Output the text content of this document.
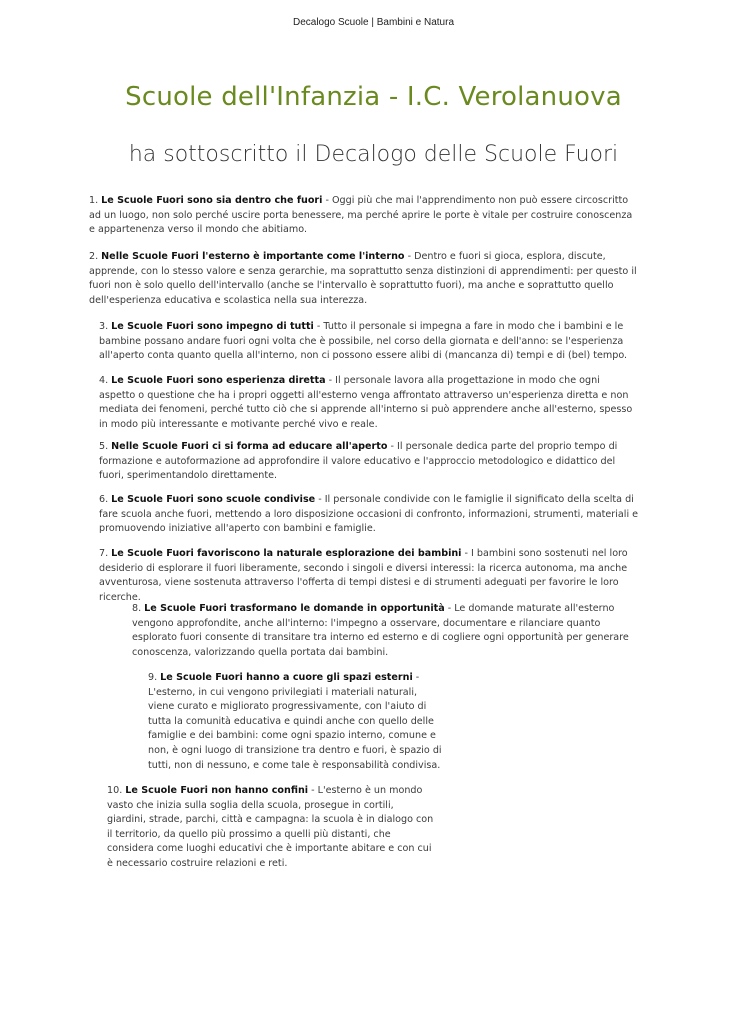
Decalogo Scuole | Bambini e Natura
Scuole dell'Infanzia - I.C. Verolanuova
ha sottoscritto il Decalogo delle Scuole Fuori

1. Le Scuole Fuori sono sia dentro che fuori - Oggi più che mai l'apprendimento non può essere circoscritto ad un luogo, non solo perché uscire porta benessere, ma perché aprire le porte è vitale per costruire conoscenza e appartenenza verso il mondo che abitiamo.

2. Nelle Scuole Fuori l'esterno è importante come l'interno - Dentro e fuori si gioca, esplora, discute, apprende, con lo stesso valore e senza gerarchie, ma soprattutto senza distinzioni di apprendimenti: per questo il fuori non è solo quello dell'intervallo (anche se l'intervallo è soprattutto fuori), ma anche e soprattutto quello dell'esperienza educativa e scolastica nella sua interezza.

3. Le Scuole Fuori sono impegno di tutti - Tutto il personale si impegna a fare in modo che i bambini e le bambine possano andare fuori ogni volta che è possibile, nel corso della giornata e dell'anno: se l'esperienza all'aperto conta quanto quella all'interno, non ci possono essere alibi di (mancanza di) tempi e di (bel) tempo.

4. Le Scuole Fuori sono esperienza diretta - Il personale lavora alla progettazione in modo che ogni aspetto o questione che ha i propri oggetti all'esterno venga affrontato attraverso un'esperienza diretta e non mediata dei fenomeni, perché tutto ciò che si apprende all'interno si può apprendere anche all'esterno, spesso in modo più interessante e motivante perché vivo e reale.

5. Nelle Scuole Fuori ci si forma ad educare all'aperto - Il personale dedica parte del proprio tempo di formazione e autoformazione ad approfondire il valore educativo e l'approccio metodologico e didattico del fuori, sperimentandolo direttamente.

6. Le Scuole Fuori sono scuole condivise - Il personale condivide con le famiglie il significato della scelta di fare scuola anche fuori, mettendo a loro disposizione occasioni di confronto, informazioni, strumenti, materiali e promuovendo iniziative all'aperto con bambini e famiglie.

7. Le Scuole Fuori favoriscono la naturale esplorazione dei bambini - I bambini sono sostenuti nel loro desiderio di esplorare il fuori liberamente, secondo i singoli e diversi interessi: la ricerca autonoma, ma anche avventurosa, viene sostenuta attraverso l'offerta di tempi distesi e di strumenti adeguati per favorire le loro ricerche.

8. Le Scuole Fuori trasformano le domande in opportunità - Le domande maturate all'esterno vengono approfondite, anche all'interno: l'impegno a osservare, documentare e rilanciare quanto esplorato fuori consente di transitare tra interno ed esterno e di cogliere ogni opportunità per generare conoscenza, valorizzando quella portata dai bambini.

9. Le Scuole Fuori hanno a cuore gli spazi esterni - L'esterno, in cui vengono privilegiati i materiali naturali, viene curato e migliorato progressivamente, con l'aiuto di tutta la comunità educativa e quindi anche con quello delle famiglie e dei bambini: come ogni spazio interno, comune e non, è ogni luogo di transizione tra dentro e fuori, è spazio di tutti, non di nessuno, e come tale è responsabilità condivisa.

10. Le Scuole Fuori non hanno confini - L'esterno è un mondo vasto che inizia sulla soglia della scuola, prosegue in cortili, giardini, strade, parchi, città e campagna: la scuola è in dialogo con il territorio, da quello più prossimo a quelli più distanti, che considera come luoghi educativi che è importante abitare e con cui è necessario costruire relazioni e reti.
